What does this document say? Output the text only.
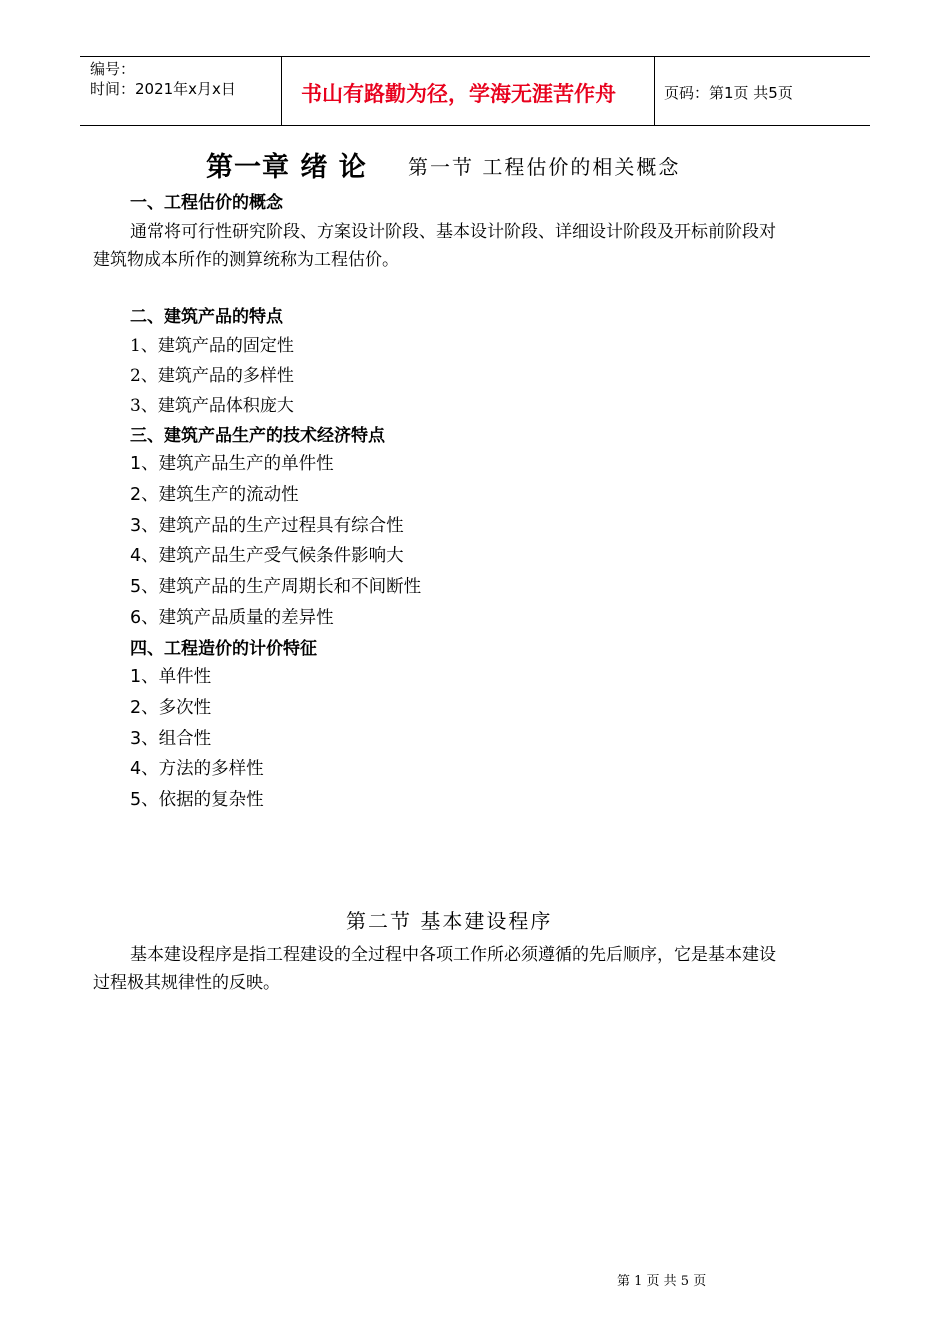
编号：
时间：2021年x月x日	书山有路勤为径，学海无涯苦作舟	页码：第1页 共5页
第一章 绪 论 第一节 工程估价的相关概念
一、工程估价的概念
通常将可行性研究阶段、方案设计阶段、基本设计阶段、详细设计阶段及开标前阶段对
建筑物成本所作的测算统称为工程估价。
二、建筑产品的特点
1、建筑产品的固定性
2、建筑产品的多样性
3、建筑产品体积庞大
三、建筑产品生产的技术经济特点
1、建筑产品生产的单件性
2、建筑生产的流动性
3、建筑产品的生产过程具有综合性
4、建筑产品生产受气候条件影响大
5、建筑产品的生产周期长和不间断性
6、建筑产品质量的差异性
四、工程造价的计价特征
1、单件性
2、多次性
3、组合性
4、方法的多样性
5、依据的复杂性
第二节 基本建设程序
基本建设程序是指工程建设的全过程中各项工作所必须遵循的先后顺序，它是基本建设
过程极其规律性的反映。
第 1 页 共 5 页
